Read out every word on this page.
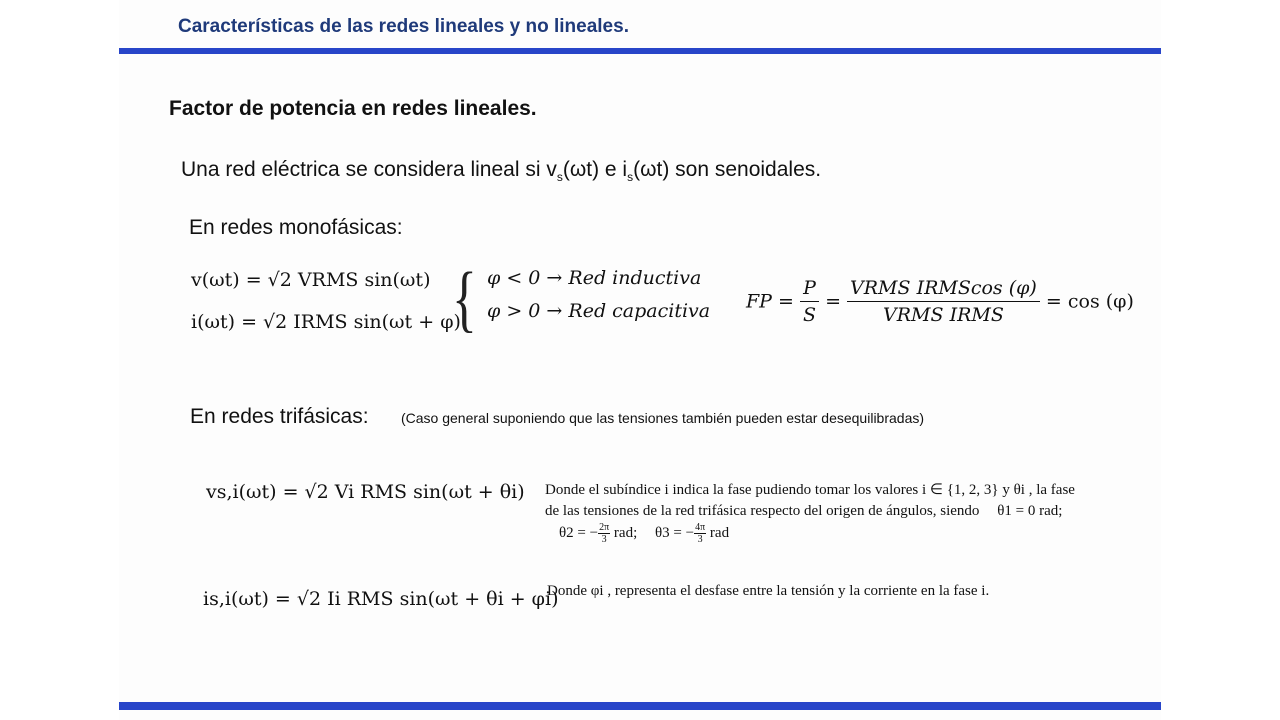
Características de las redes lineales y no lineales.
Factor de potencia en redes lineales.
Una red eléctrica se considera lineal si $v_s(\omega t)$ e $i_s(\omega t)$ son senoidales.
En redes monofásicas:
v(ωt) = √2 VRMS sin(ωt)
i(ωt) = √2 IRMS sin(ωt + φ)
{ φ < 0 → Red inductiva
φ > 0 → Red capacitiva FP = $\frac{P}{S} = \frac{\text{VRMS IRMScos (φ)}}{\text{VRMS IRMS}} = \cos (\varphi)$
En redes trifásicas: (Caso general suponiendo que las tensiones también pueden estar desequilibradas)
vs,i(ωt) = √2 Vi RMS sin(ωt + θi) Donde el subíndice i indica la fase pudiendo tomar los valores i ∈ {1, 2, 3} y θi , la fase de las tensiones de la red trifásica respecto del origen de ángulos, siendo θ1 = 0 rad; θ2 = − $\frac{2\pi}{3}$ rad; θ3 = − $\frac{4\pi}{3}$ rad
is,i(ωt) = √2 Ii RMS sin(ωt + θi + φi)
Donde φi , representa el desfase entre la tensión y la corriente en la fase i.
